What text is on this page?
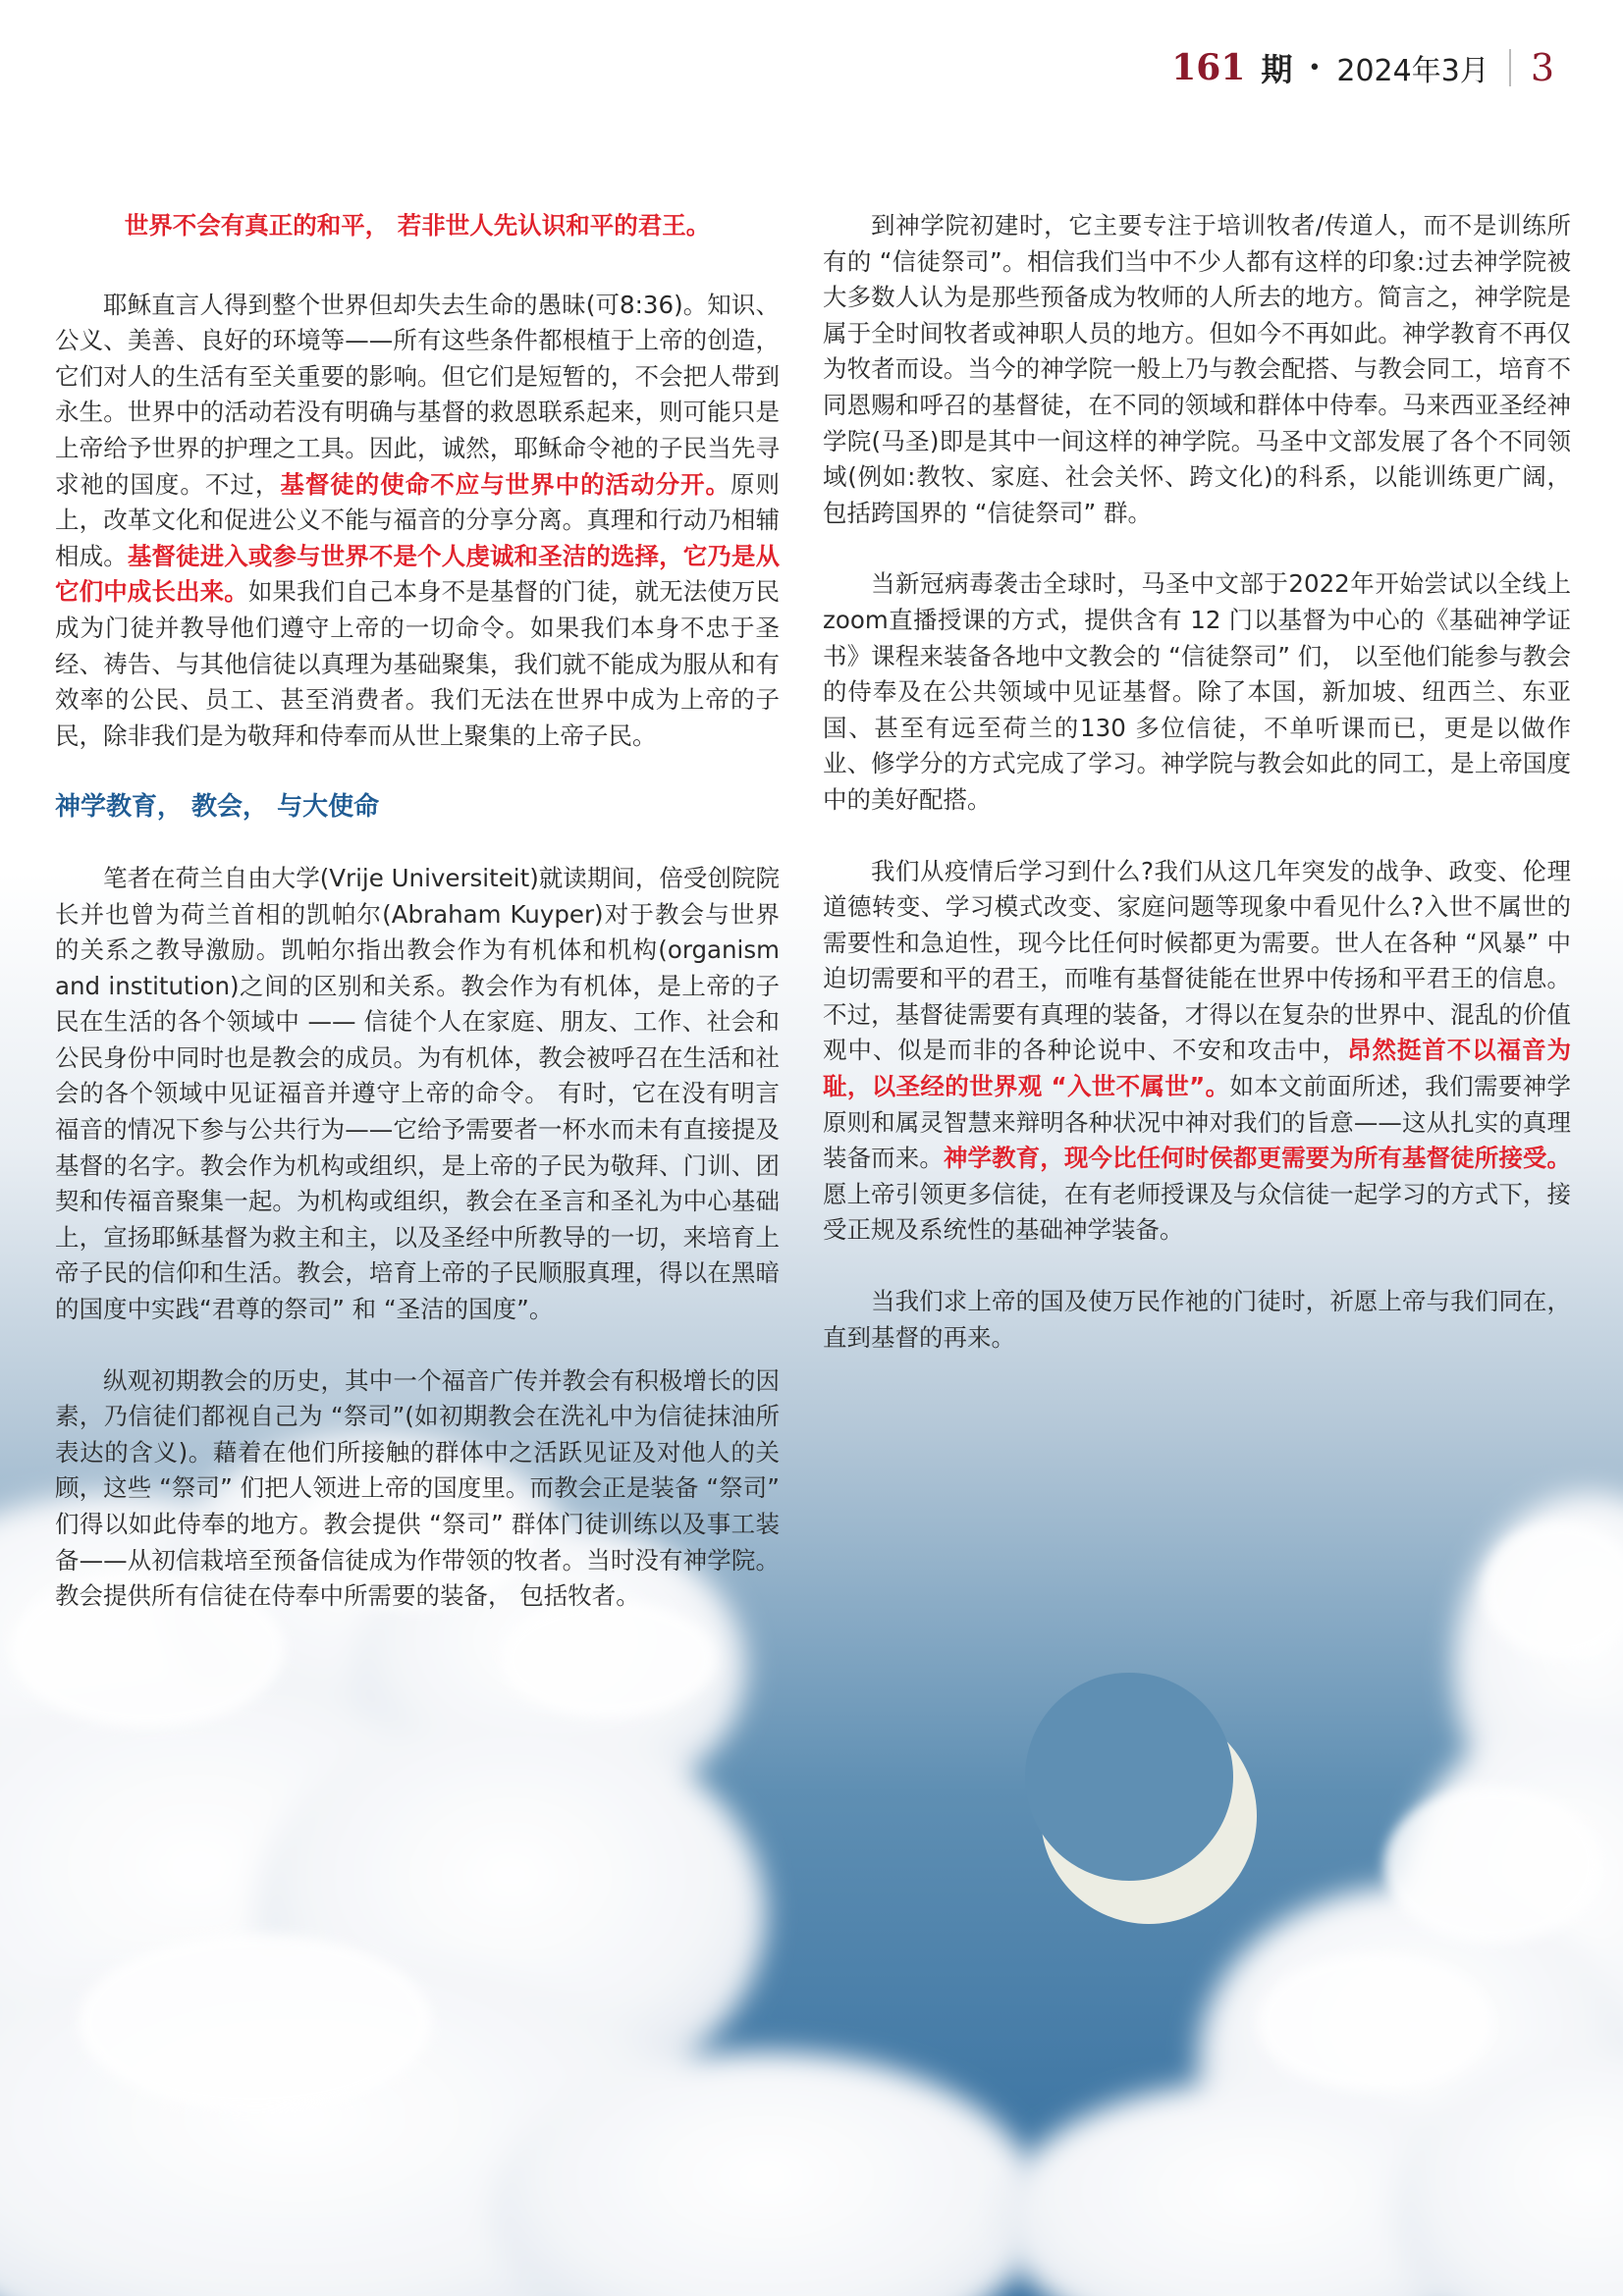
161 期 • 2024年3月 3

世界不会有真正的和平， 若非世人先认识和平的君王。

耶稣直言人得到整个世界但却失去生命的愚昧(可8:36)。知识、公义、美善、良好的环境等——所有这些条件都根植于上帝的创造，它们对人的生活有至关重要的影响。但它们是短暂的，不会把人带到永生。世界中的活动若没有明确与基督的救恩联系起来，则可能只是上帝给予世界的护理之工具。因此，诚然，耶稣命令祂的子民当先寻求祂的国度。不过，基督徒的使命不应与世界中的活动分开。原则上，改革文化和促进公义不能与福音的分享分离。真理和行动乃相辅相成。基督徒进入或参与世界不是个人虔诚和圣洁的选择，它乃是从它们中成长出来。如果我们自己本身不是基督的门徒，就无法使万民成为门徒并教导他们遵守上帝的一切命令。如果我们本身不忠于圣经、祷告、与其他信徒以真理为基础聚集，我们就不能成为服从和有效率的公民、员工、甚至消费者。我们无法在世界中成为上帝的子民，除非我们是为敬拜和侍奉而从世上聚集的上帝子民。

神学教育， 教会， 与大使命

笔者在荷兰自由大学(Vrije Universiteit)就读期间，倍受创院院长并也曾为荷兰首相的凯帕尔(Abraham Kuyper)对于教会与世界的关系之教导激励。凯帕尔指出教会作为有机体和机构(organism and institution)之间的区别和关系。教会作为有机体，是上帝的子民在生活的各个领域中 —— 信徒个人在家庭、朋友、工作、社会和公民身份中同时也是教会的成员。为有机体，教会被呼召在生活和社会的各个领域中见证福音并遵守上帝的命令。 有时，它在没有明言福音的情况下参与公共行为——它给予需要者一杯水而未有直接提及基督的名字。教会作为机构或组织，是上帝的子民为敬拜、门训、团契和传福音聚集一起。为机构或组织，教会在圣言和圣礼为中心基础上，宣扬耶稣基督为救主和主，以及圣经中所教导的一切，来培育上帝子民的信仰和生活。教会，培育上帝的子民顺服真理，得以在黑暗的国度中实践“君尊的祭司” 和 “圣洁的国度”。

纵观初期教会的历史，其中一个福音广传并教会有积极增长的因素，乃信徒们都视自己为 “祭司”(如初期教会在洗礼中为信徒抹油所表达的含义)。藉着在他们所接触的群体中之活跃见证及对他人的关顾，这些 “祭司” 们把人领进上帝的国度里。而教会正是装备 “祭司” 们得以如此侍奉的地方。教会提供 “祭司” 群体门徒训练以及事工装备——从初信栽培至预备信徒成为作带领的牧者。当时没有神学院。教会提供所有信徒在侍奉中所需要的装备， 包括牧者。

到神学院初建时，它主要专注于培训牧者/传道人，而不是训练所有的 “信徒祭司”。相信我们当中不少人都有这样的印象:过去神学院被大多数人认为是那些预备成为牧师的人所去的地方。简言之，神学院是属于全时间牧者或神职人员的地方。但如今不再如此。神学教育不再仅为牧者而设。当今的神学院一般上乃与教会配搭、与教会同工，培育不同恩赐和呼召的基督徒，在不同的领域和群体中侍奉。马来西亚圣经神学院(马圣)即是其中一间这样的神学院。马圣中文部发展了各个不同领域(例如:教牧、家庭、社会关怀、跨文化)的科系，以能训练更广阔，包括跨国界的 “信徒祭司” 群。

当新冠病毒袭击全球时，马圣中文部于2022年开始尝试以全线上zoom直播授课的方式，提供含有 12 门以基督为中心的《基础神学证书》课程来装备各地中文教会的 “信徒祭司” 们， 以至他们能参与教会的侍奉及在公共领域中见证基督。除了本国，新加坡、纽西兰、东亚国、甚至有远至荷兰的130 多位信徒，不单听课而已，更是以做作业、修学分的方式完成了学习。神学院与教会如此的同工，是上帝国度中的美好配搭。

我们从疫情后学习到什么?我们从这几年突发的战争、政变、伦理道德转变、学习模式改变、家庭问题等现象中看见什么?入世不属世的需要性和急迫性，现今比任何时候都更为需要。世人在各种 “风暴” 中迫切需要和平的君王，而唯有基督徒能在世界中传扬和平君王的信息。不过，基督徒需要有真理的装备，才得以在复杂的世界中、混乱的价值观中、似是而非的各种论说中、不安和攻击中，昂然挺首不以福音为耻，以圣经的世界观 “入世不属世”。如本文前面所述，我们需要神学原则和属灵智慧来辩明各种状况中神对我们的旨意——这从扎实的真理装备而来。神学教育，现今比任何时侯都更需要为所有基督徒所接受。愿上帝引领更多信徒，在有老师授课及与众信徒一起学习的方式下，接受正规及系统性的基础神学装备。

当我们求上帝的国及使万民作祂的门徒时，祈愿上帝与我们同在， 直到基督的再来。
